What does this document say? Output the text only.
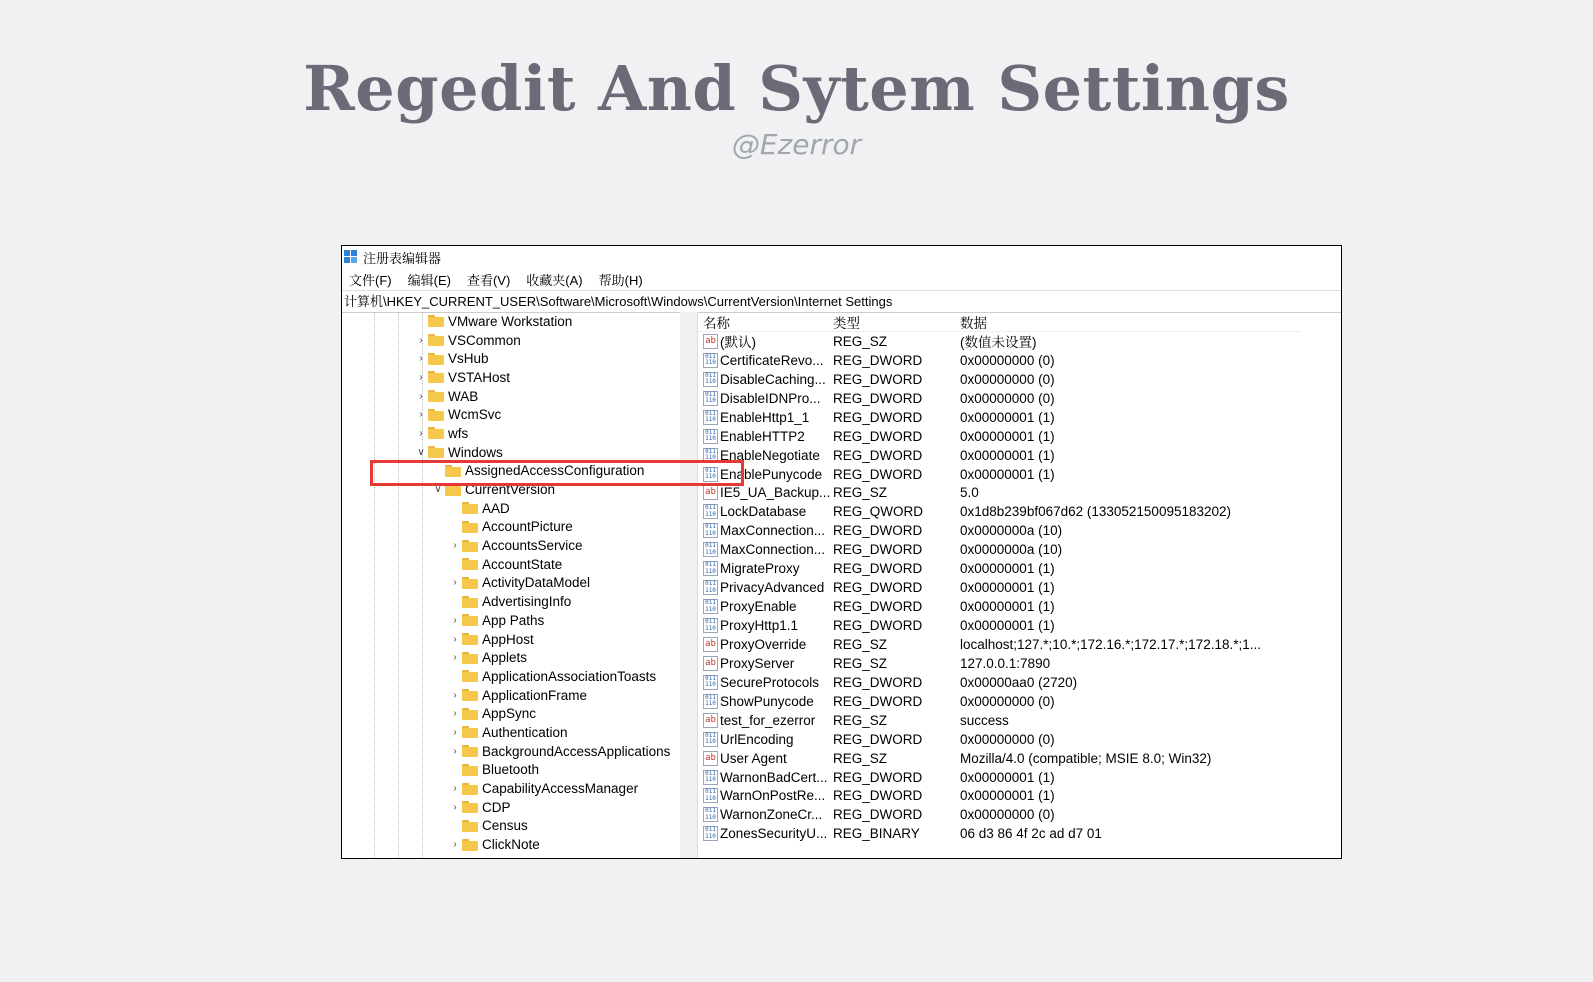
Regedit And Sytem Settings
@Ezerror
注册表编辑器
文件(F) 编辑(E) 查看(V) 收藏夹(A) 帮助(H)
计算机\HKEY_CURRENT_USER\Software\Microsoft\Windows\CurrentVersion\Internet Settings
VMware Workstation
›	VSCommon
›	VsHub
›	VSTAHost
›	WAB
›	WcmSvc
›	wfs
∨ Windows
AssignedAccessConfiguration
∨ CurrentVersion
AAD
AccountPicture
›	AccountsService
AccountState
›	ActivityDataModel
AdvertisingInfo
›	App Paths
›	AppHost
›	Applets
ApplicationAssociationToasts
›	ApplicationFrame
›	AppSync
›	Authentication
›	BackgroundAccessApplications
Bluetooth
›	CapabilityAccessManager
›	CDP
Census
›	ClickNote
名称	类型	数据
ab (默认)	REG_SZ	(数值未设置)
011
110 CertificateRevo... REG_DWORD	0x00000000 (0)
011
110 DisableCaching... REG_DWORD	0x00000000 (0)
011
110 DisableIDNPro... REG_DWORD	0x00000000 (0)
011
110 EnableHttp1_1 REG_DWORD	0x00000001 (1)
011
110 EnableHTTP2 REG_DWORD	0x00000001 (1)
011
110 EnableNegotiate REG_DWORD	0x00000001 (1)
011
110 EnablePunycode REG_DWORD	0x00000001 (1)
ab IE5_UA_Backup... REG_SZ	5.0
011
110 LockDatabase REG_QWORD	0x1d8b239bf067d62 (133052150095183202)
011
110 MaxConnection... REG_DWORD	0x0000000a (10)
011
110 MaxConnection... REG_DWORD	0x0000000a (10)
011
110 MigrateProxy REG_DWORD	0x00000001 (1)
011
110 PrivacyAdvanced REG_DWORD	0x00000001 (1)
011
110 ProxyEnable	REG_DWORD	0x00000001 (1)
011
110 ProxyHttp1.1	REG_DWORD	0x00000001 (1)
ab ProxyOverride REG_SZ	localhost;127.*;10.*;172.16.*;172.17.*;172.18.*;1...
ab ProxyServer	REG_SZ	127.0.0.1:7890
011
110 SecureProtocols REG_DWORD	0x00000aa0 (2720)
011
110 ShowPunycode REG_DWORD	0x00000000 (0)
ab test_for_ezerror REG_SZ	success
011
110 UrlEncoding	REG_DWORD	0x00000000 (0)
ab User Agent	REG_SZ	Mozilla/4.0 (compatible; MSIE 8.0; Win32)
011
110 WarnonBadCert... REG_DWORD	0x00000001 (1)
011
110 WarnOnPostRe... REG_DWORD	0x00000001 (1)
011
110 WarnonZoneCr... REG_DWORD	0x00000000 (0)
011
110 ZonesSecurityU... REG_BINARY	06 d3 86 4f 2c ad d7 01
